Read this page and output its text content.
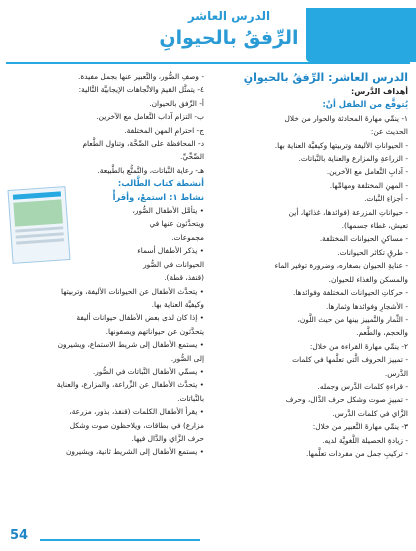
الدرس العاشر
الرِّفقُ بالحيوانِ
الدرس العاشر: الرِّفقُ بالحيوانِ
أهداف الدَّرس:
يُتوقَّع من الطفل أنْ:
١- ينمِّي مهارةَ المحادثة والحوار من خلال
الحديث عن:
- الحيواناتِ الأليفة وتربيتها وكيفيَّة العناية بها.
- الزراعةِ والمزارع والعناية بالنَّباتات.
- آدابِ التَّعامل مع الآخرين.
- المهنِ المختلفة ومهامِّها.
- أجزاءِ النَّبات.
- حيواناتِ المزرعة (فوائدها، غذائها، أين
تعيش، غطاء جسمها).
- مساكنِ الحيوانات المختلفة.
- طرقِ تكاثر الحيوانات.
- عنايةِ الحيوان بصغاره، وضرورة توفير الماء
والمسكن والغذاء للحيوان.
- حركاتِ الحيوانات المختلفة وفوائدها.
- الأشجارِ وفوائدها وثمارها.
- الثِّمار والتَّمييز بينها من حيث اللَّون،
والحجم، والطَّعم.
٢- ينمِّي مهارةَ القراءة من خلال:
- تمييز الحروف الَّتي تعلَّمها في كلمات
الدَّرس.
- قراءةِ كلمات الدَّرس وجمله.
- تمييزِ صوت وشكل حرف الدَّال، وحرف
الزَّاي في كلمات الدَّرس.
٣- ينمِّي مهارةَ التَّعبير من خلال:
- زيادةِ الحصيلة اللُّغويَّة لديه.
- تركيبِ جمل من مفردات تعلَّمها.
- وصفِ الصُّور، والتَّعبير عنها بجمل مفيدة.
٤- يتمثَّل القيمَ والاتِّجاهات الإيجابيَّة التَّالية:
أ- الرِّفق بالحيوان.
ب- التزام آداب التَّعامل مع الآخرين.
ج- احترامِ المهن المختلفة.
د- المحافظة على الصِّحَّة، وتناول الطَّعام
الصِّحِّيِّ.
هـ- رعاية النَّباتات، والتَّمتُّع بالطَّبيعة.
أنشطة كتاب الطَّالب:
نشاط ١: استمعْ، وأقرأْ
• يتأمَّل الأطفال الصُّور،
ويتحدَّثون عنها في
مجموعات.
• يذكر الأطفال أسماء
الحيوانات في الصُّور
(قنفذ، قطة).
• يتحدَّث الأطفال عن الحيوانات الأليفة، وتربيتها
وكيفيَّة العناية بها.
• إذا كان لدى بعض الأطفال حيوانات أليفة
يتحدَّثون عن حيواناتهم ويصفونها.
• يستمع الأطفال إلى شريط الاستماع، ويشيرون
إلى الصُّور.
• يسمِّي الأطفال النَّباتات في الصُّور.
• يتحدَّث الأطفال عن الزِّراعة، والمزارع، والعناية
بالنَّباتات.
• يقرأ الأطفال الكلمات (قنفذ، بذور، مزرعة،
مزارع) في بطاقات، ويلاحظون صوت وشكل
حرف الزَّاي والدَّال فيها.
• يستمع الأطفال إلى الشريط ثانية، ويشيرون
54
